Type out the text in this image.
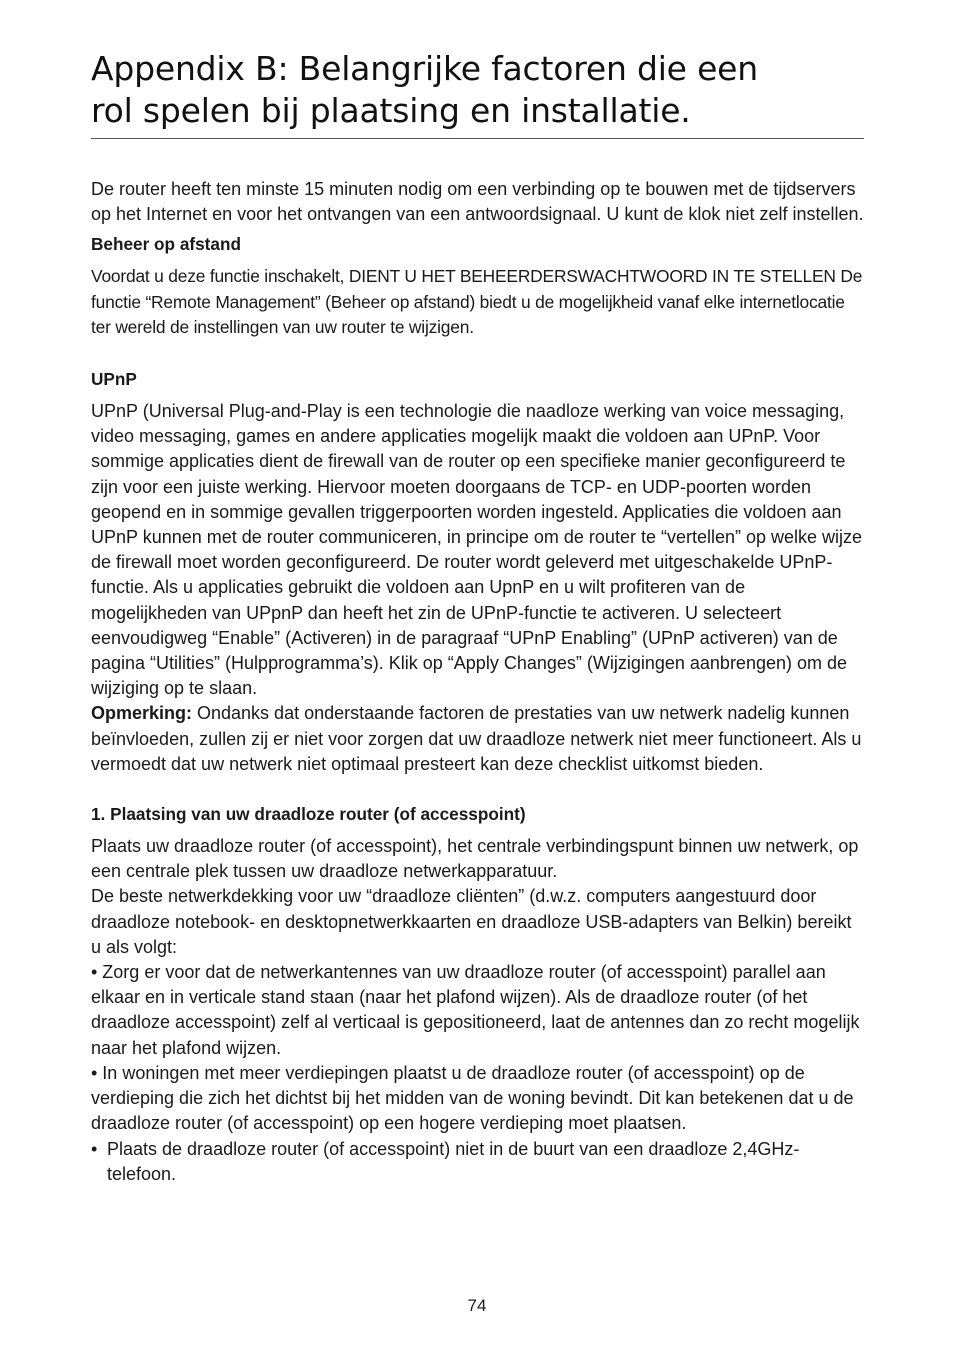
Appendix B: Belangrijke factoren die een
rol spelen bij plaatsing en installatie.

De router heeft ten minste 15 minuten nodig om een verbinding op te bouwen met de tijdservers op het Internet en voor het ontvangen van een antwoordsignaal. U kunt de klok niet zelf instellen.

Beheer op afstand

Voordat u deze functie inschakelt, DIENT U HET BEHEERDERSWACHTWOORD IN TE STELLEN De functie “Remote Management” (Beheer op afstand) biedt u de mogelijkheid vanaf elke internetlocatie ter wereld de instellingen van uw router te wijzigen.

UPnP

UPnP (Universal Plug-and-Play is een technologie die naadloze werking van voice messaging, video messaging, games en andere applicaties mogelijk maakt die voldoen aan UPnP. Voor sommige applicaties dient de firewall van de router op een specifieke manier geconfigureerd te zijn voor een juiste werking. Hiervoor moeten doorgaans de TCP- en UDP-poorten worden geopend en in sommige gevallen triggerpoorten worden ingesteld. Applicaties die voldoen aan UPnP kunnen met de router communiceren, in principe om de router te “vertellen” op welke wijze de firewall moet worden geconfigureerd. De router wordt geleverd met uitgeschakelde UPnP-functie. Als u applicaties gebruikt die voldoen aan UpnP en u wilt profiteren van de mogelijkheden van UPpnP dan heeft het zin de UPnP-functie te activeren. U selecteert eenvoudigweg “Enable” (Activeren) in de paragraaf “UPnP Enabling” (UPnP activeren) van de pagina “Utilities” (Hulpprogramma’s). Klik op “Apply Changes” (Wijzigingen aanbrengen) om de wijziging op te slaan.

Opmerking: Ondanks dat onderstaande factoren de prestaties van uw netwerk nadelig kunnen beïnvloeden, zullen zij er niet voor zorgen dat uw draadloze netwerk niet meer functioneert. Als u vermoedt dat uw netwerk niet optimaal presteert kan deze checklist uitkomst bieden.

1. Plaatsing van uw draadloze router (of accesspoint)

Plaats uw draadloze router (of accesspoint), het centrale verbindingspunt binnen uw netwerk, op een centrale plek tussen uw draadloze netwerkapparatuur.

De beste netwerkdekking voor uw “draadloze cliënten” (d.w.z. computers aangestuurd door draadloze notebook- en desktopnetwerkkaarten en draadloze USB-adapters van Belkin) bereikt u als volgt:

• Zorg er voor dat de netwerkantennes van uw draadloze router (of accesspoint) parallel aan elkaar en in verticale stand staan (naar het plafond wijzen). Als de draadloze router (of het draadloze accesspoint) zelf al verticaal is gepositioneerd, laat de antennes dan zo recht mogelijk naar het plafond wijzen.

• In woningen met meer verdiepingen plaatst u de draadloze router (of accesspoint) op de verdieping die zich het dichtst bij het midden van de woning bevindt. Dit kan betekenen dat u de draadloze router (of accesspoint) op een hogere verdieping moet plaatsen.

• Plaats de draadloze router (of accesspoint) niet in de buurt van een draadloze 2,4GHz-telefoon.
74
